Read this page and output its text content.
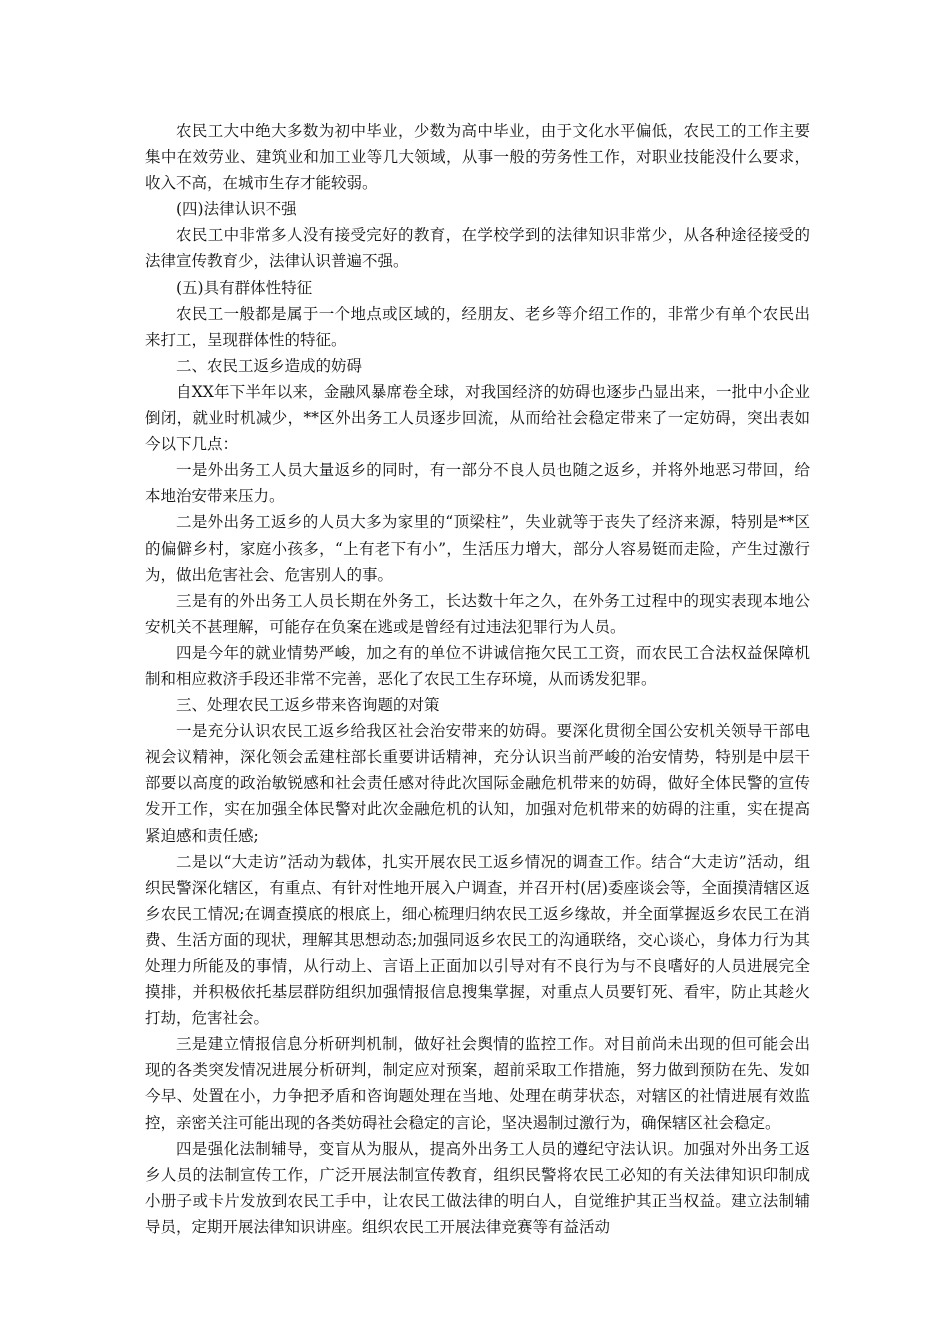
农民工大中绝大多数为初中毕业，少数为高中毕业，由于文化水平偏低，农民工的工作主要集中在效劳业、建筑业和加工业等几大领域，从事一般的劳务性工作，对职业技能没什么要求，收入不高，在城市生存才能较弱。

(四)法律认识不强

农民工中非常多人没有接受完好的教育，在学校学到的法律知识非常少，从各种途径接受的法律宣传教育少，法律认识普遍不强。

(五)具有群体性特征

农民工一般都是属于一个地点或区域的，经朋友、老乡等介绍工作的，非常少有单个农民出来打工，呈现群体性的特征。

二、农民工返乡造成的妨碍

自XX年下半年以来，金融风暴席卷全球，对我国经济的妨碍也逐步凸显出来，一批中小企业倒闭，就业时机减少，**区外出务工人员逐步回流，从而给社会稳定带来了一定妨碍，突出表如今以下几点：

一是外出务工人员大量返乡的同时，有一部分不良人员也随之返乡，并将外地恶习带回，给本地治安带来压力。

二是外出务工返乡的人员大多为家里的“顶梁柱”，失业就等于丧失了经济来源，特别是**区的偏僻乡村，家庭小孩多，“上有老下有小”，生活压力增大，部分人容易铤而走险，产生过激行为，做出危害社会、危害别人的事。

三是有的外出务工人员长期在外务工，长达数十年之久，在外务工过程中的现实表现本地公安机关不甚理解，可能存在负案在逃或是曾经有过违法犯罪行为人员。

四是今年的就业情势严峻，加之有的单位不讲诚信拖欠民工工资，而农民工合法权益保障机制和相应救济手段还非常不完善，恶化了农民工生存环境，从而诱发犯罪。

三、处理农民工返乡带来咨询题的对策

一是充分认识农民工返乡给我区社会治安带来的妨碍。要深化贯彻全国公安机关领导干部电视会议精神，深化领会孟建柱部长重要讲话精神，充分认识当前严峻的治安情势，特别是中层干部要以高度的政治敏锐感和社会责任感对待此次国际金融危机带来的妨碍，做好全体民警的宣传发开工作，实在加强全体民警对此次金融危机的认知，加强对危机带来的妨碍的注重，实在提高紧迫感和责任感;

二是以“大走访”活动为载体，扎实开展农民工返乡情况的调查工作。结合“大走访”活动，组织民警深化辖区，有重点、有针对性地开展入户调查，并召开村(居)委座谈会等，全面摸清辖区返乡农民工情况;在调查摸底的根底上，细心梳理归纳农民工返乡缘故，并全面掌握返乡农民工在消费、生活方面的现状，理解其思想动态;加强同返乡农民工的沟通联络，交心谈心，身体力行为其处理力所能及的事情，从行动上、言语上正面加以引导对有不良行为与不良嗜好的人员进展完全摸排，并积极依托基层群防组织加强情报信息搜集掌握，对重点人员要钉死、看牢，防止其趁火打劫，危害社会。

三是建立情报信息分析研判机制，做好社会舆情的监控工作。对目前尚未出现的但可能会出现的各类突发情况进展分析研判，制定应对预案，超前采取工作措施，努力做到预防在先、发如今早、处置在小，力争把矛盾和咨询题处理在当地、处理在萌芽状态，对辖区的社情进展有效监控，亲密关注可能出现的各类妨碍社会稳定的言论，坚决遏制过激行为，确保辖区社会稳定。

四是强化法制辅导，变盲从为服从，提高外出务工人员的遵纪守法认识。加强对外出务工返乡人员的法制宣传工作，广泛开展法制宣传教育，组织民警将农民工必知的有关法律知识印制成小册子或卡片发放到农民工手中，让农民工做法律的明白人，自觉维护其正当权益。建立法制辅导员，定期开展法律知识讲座。组织农民工开展法律竞赛等有益活动
